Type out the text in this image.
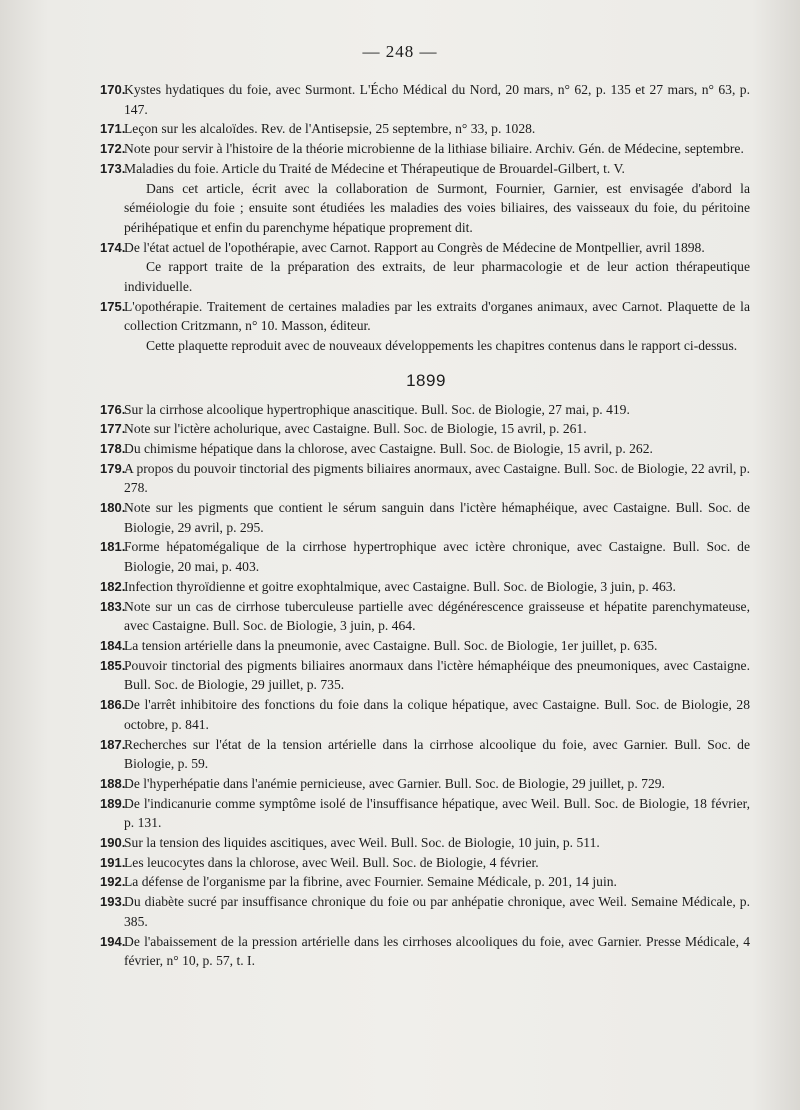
— 248 —
170.
Kystes hydatiques du foie, avec Surmont. L'Écho Médical du Nord, 20 mars, n° 62, p. 135 et 27 mars, n° 63, p. 147.
171.
Leçon sur les alcaloïdes. Rev. de l'Antisepsie, 25 septembre, n° 33, p. 1028.
172.
Note pour servir à l'histoire de la théorie microbienne de la lithiase biliaire. Archiv. Gén. de Médecine, septembre.
173.
Maladies du foie. Article du Traité de Médecine et Thérapeutique de Brouardel-Gilbert, t. V.
Dans cet article, écrit avec la collaboration de Surmont, Fournier, Garnier, est envisagée d'abord la séméiologie du foie ; ensuite sont étudiées les maladies des voies biliaires, des vaisseaux du foie, du péritoine périhépatique et enfin du parenchyme hépatique proprement dit.
174.
De l'état actuel de l'opothérapie, avec Carnot. Rapport au Congrès de Médecine de Montpellier, avril 1898.
Ce rapport traite de la préparation des extraits, de leur pharmacologie et de leur action thérapeutique individuelle.
175.
L'opothérapie. Traitement de certaines maladies par les extraits d'organes animaux, avec Carnot. Plaquette de la collection Critzmann, n° 10. Masson, éditeur.
Cette plaquette reproduit avec de nouveaux développements les chapitres contenus dans le rapport ci-dessus.
1899
176.
Sur la cirrhose alcoolique hypertrophique anascitique. Bull. Soc. de Biologie, 27 mai, p. 419.
177.
Note sur l'ictère acholurique, avec Castaigne. Bull. Soc. de Biologie, 15 avril, p. 261.
178.
Du chimisme hépatique dans la chlorose, avec Castaigne. Bull. Soc. de Biologie, 15 avril, p. 262.
179.
A propos du pouvoir tinctorial des pigments biliaires anormaux, avec Castaigne. Bull. Soc. de Biologie, 22 avril, p. 278.
180.
Note sur les pigments que contient le sérum sanguin dans l'ictère hémaphéique, avec Castaigne. Bull. Soc. de Biologie, 29 avril, p. 295.
181.
Forme hépatomégalique de la cirrhose hypertrophique avec ictère chronique, avec Castaigne. Bull. Soc. de Biologie, 20 mai, p. 403.
182.
Infection thyroïdienne et goitre exophtalmique, avec Castaigne. Bull. Soc. de Biologie, 3 juin, p. 463.
183.
Note sur un cas de cirrhose tuberculeuse partielle avec dégénérescence graisseuse et hépatite parenchymateuse, avec Castaigne. Bull. Soc. de Biologie, 3 juin, p. 464.
184.
La tension artérielle dans la pneumonie, avec Castaigne. Bull. Soc. de Biologie, 1er juillet, p. 635.
185.
Pouvoir tinctorial des pigments biliaires anormaux dans l'ictère hémaphéique des pneumoniques, avec Castaigne. Bull. Soc. de Biologie, 29 juillet, p. 735.
186.
De l'arrêt inhibitoire des fonctions du foie dans la colique hépatique, avec Castaigne. Bull. Soc. de Biologie, 28 octobre, p. 841.
187.
Recherches sur l'état de la tension artérielle dans la cirrhose alcoolique du foie, avec Garnier. Bull. Soc. de Biologie, p. 59.
188.
De l'hyperhépatie dans l'anémie pernicieuse, avec Garnier. Bull. Soc. de Biologie, 29 juillet, p. 729.
189.
De l'indicanurie comme symptôme isolé de l'insuffisance hépatique, avec Weil. Bull. Soc. de Biologie, 18 février, p. 131.
190.
Sur la tension des liquides ascitiques, avec Weil. Bull. Soc. de Biologie, 10 juin, p. 511.
191.
Les leucocytes dans la chlorose, avec Weil. Bull. Soc. de Biologie, 4 février.
192.
La défense de l'organisme par la fibrine, avec Fournier. Semaine Médicale, p. 201, 14 juin.
193.
Du diabète sucré par insuffisance chronique du foie ou par anhépatie chronique, avec Weil. Semaine Médicale, p. 385.
194.
De l'abaissement de la pression artérielle dans les cirrhoses alcooliques du foie, avec Garnier. Presse Médicale, 4 février, n° 10, p. 57, t. I.
